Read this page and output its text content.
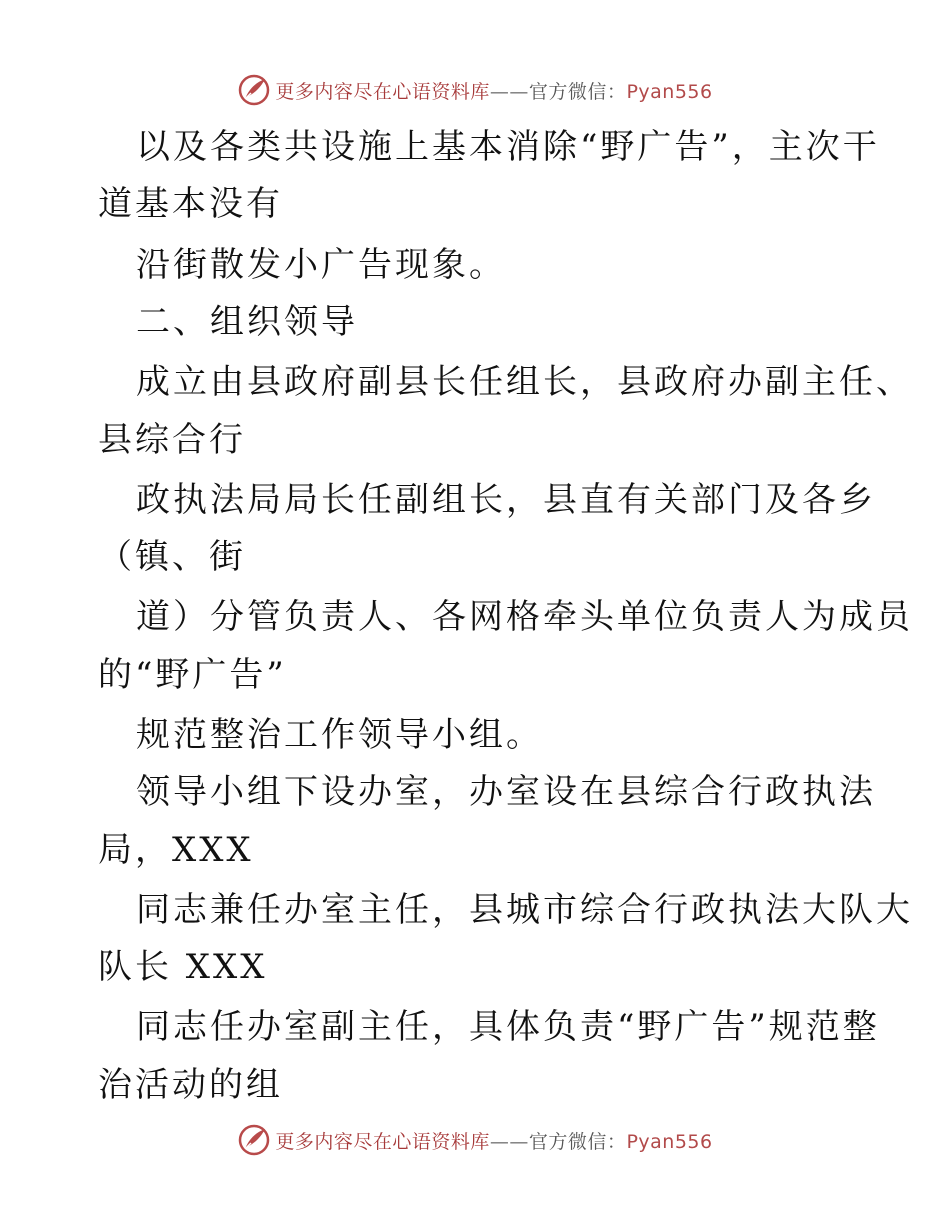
更多内容尽在心语资料库——官方微信：Pyan556
以及各类共设施上基本消除“野广告”，主次干
道基本没有
沿街散发小广告现象。
二、组织领导
成立由县政府副县长任组长，县政府办副主任、
县综合行
政执法局局长任副组长，县直有关部门及各乡
（镇、街
道）分管负责人、各网格牵头单位负责人为成员
的“野广告”
规范整治工作领导小组。
领导小组下设办室，办室设在县综合行政执法
局，XXX
同志兼任办室主任，县城市综合行政执法大队大
队长 XXX
同志任办室副主任，具体负责“野广告”规范整
治活动的组
更多内容尽在心语资料库——官方微信：Pyan556
